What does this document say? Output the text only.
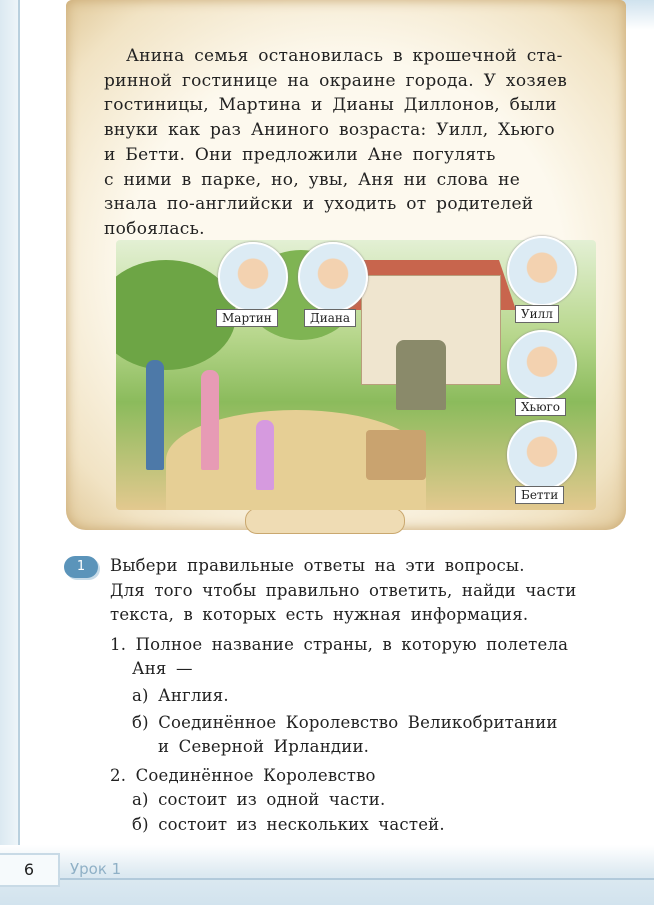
Анина семья остановилась в крошечной ста-
ринной гостинице на окраине города. У хозяев
гостиницы, Мартина и Дианы Диллонов, были
внуки как раз Аниного возраста: Уилл, Хьюго
и Бетти. Они предложили Ане погулять
с ними в парке, но, увы, Аня ни слова не
знала по-английски и уходить от родителей
побоялась.
Мартин	Диана	Уилл
Хьюго
Бетти
1	Выбери правильные ответы на эти вопросы.
Для того чтобы правильно ответить, найди части
текста, в которых есть нужная информация.
1. Полное название страны, в которую полетела
Аня —
а) Англия.
б) Соединённое Королевство Великобритании
и Северной Ирландии.
2. Соединённое Королевство
а) состоит из одной части.
б) состоит из нескольких частей.
6	Урок 1
